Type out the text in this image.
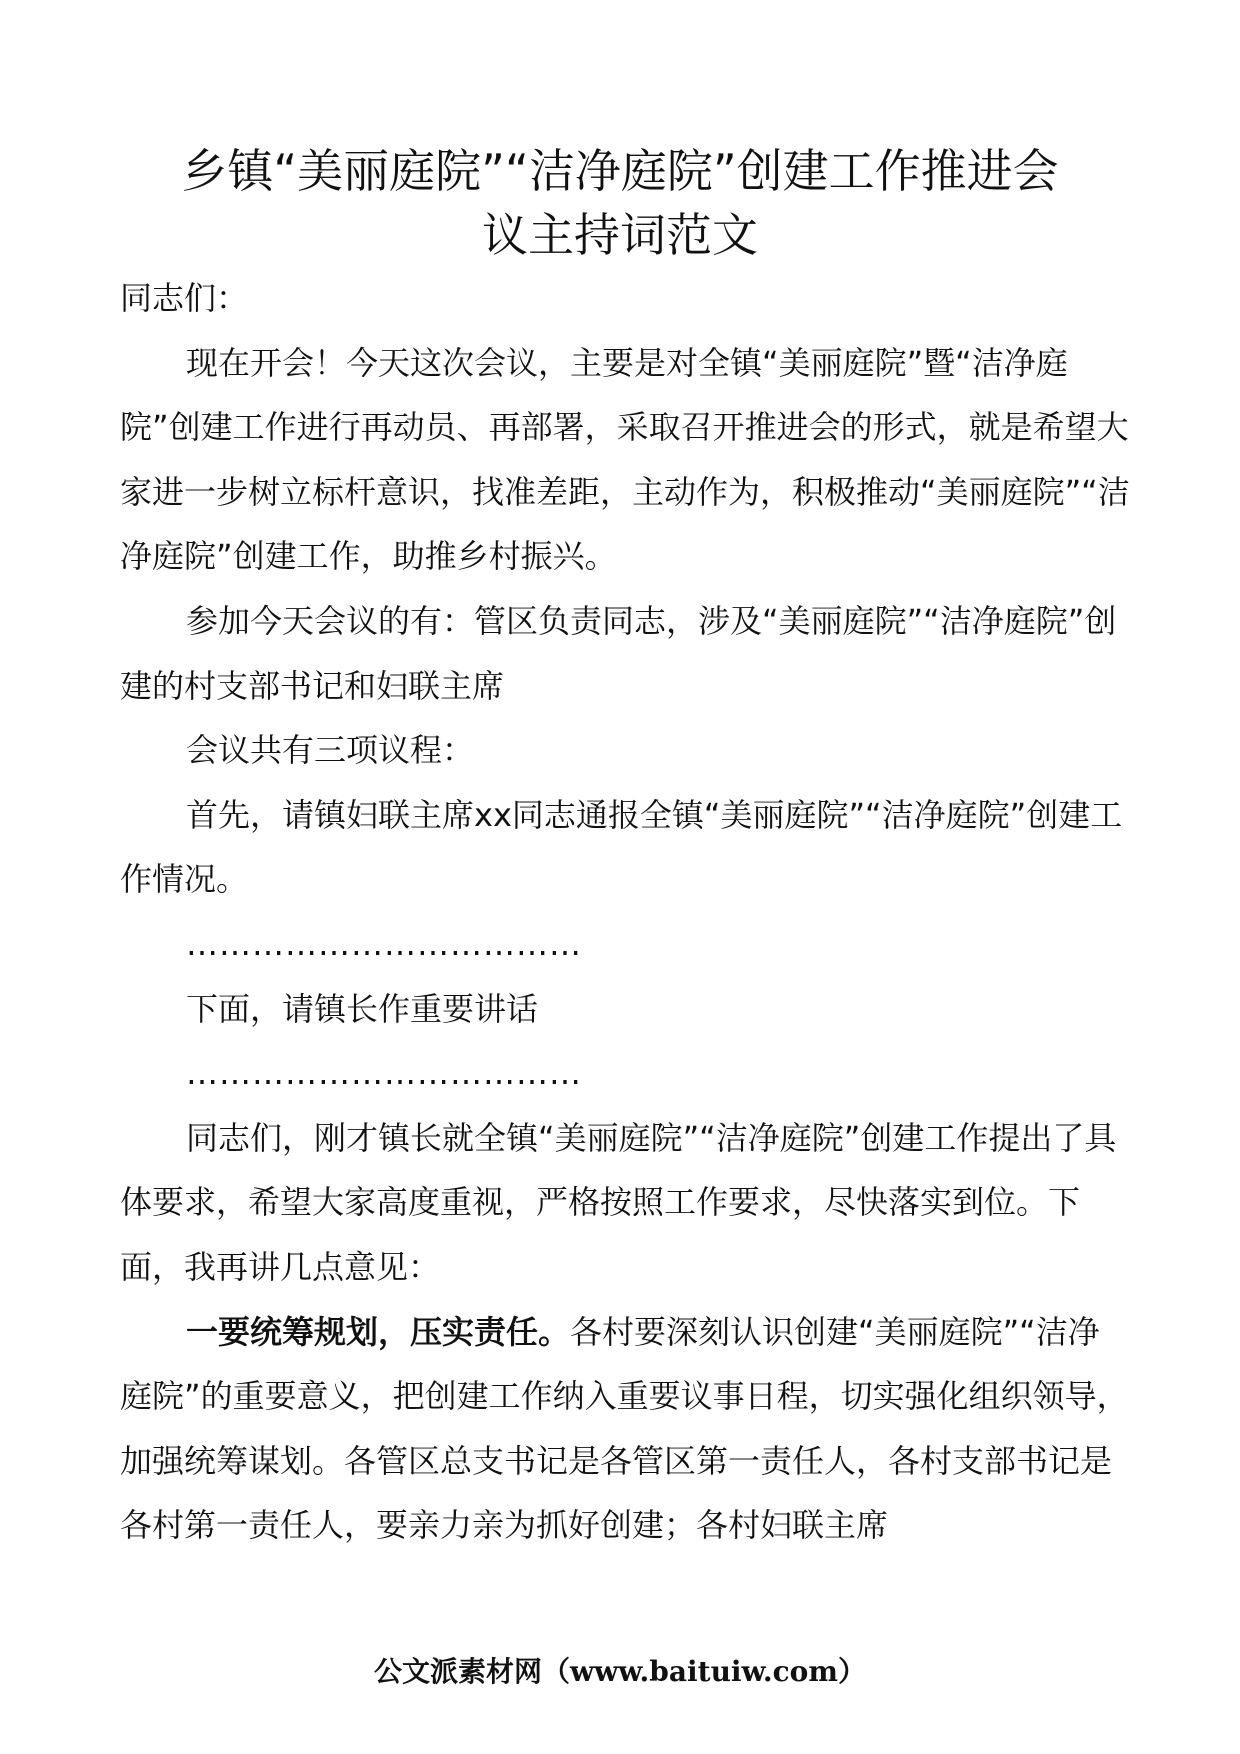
乡镇“美丽庭院”“洁净庭院”创建工作推进会
议主持词范文

同志们：

现在开会！今天这次会议，主要是对全镇“美丽庭院”暨“洁净庭院”创建工作进行再动员、再部署，采取召开推进会的形式，就是希望大家进一步树立标杆意识，找准差距，主动作为，积极推动“美丽庭院”“洁净庭院”创建工作，助推乡村振兴。

参加今天会议的有：管区负责同志，涉及“美丽庭院”“洁净庭院”创建的村支部书记和妇联主席

会议共有三项议程：

首先，请镇妇联主席xx同志通报全镇“美丽庭院”“洁净庭院”创建工作情况。

………………………………

下面，请镇长作重要讲话

………………………………

同志们，刚才镇长就全镇“美丽庭院”“洁净庭院”创建工作提出了具体要求，希望大家高度重视，严格按照工作要求，尽快落实到位。下面，我再讲几点意见：

一要统筹规划，压实责任。各村要深刻认识创建“美丽庭院”“洁净庭院”的重要意义，把创建工作纳入重要议事日程，切实强化组织领导，加强统筹谋划。各管区总支书记是各管区第一责任人，各村支部书记是各村第一责任人，要亲力亲为抓好创建；各村妇联主席

公文派素材网（www.baituiw.com）
